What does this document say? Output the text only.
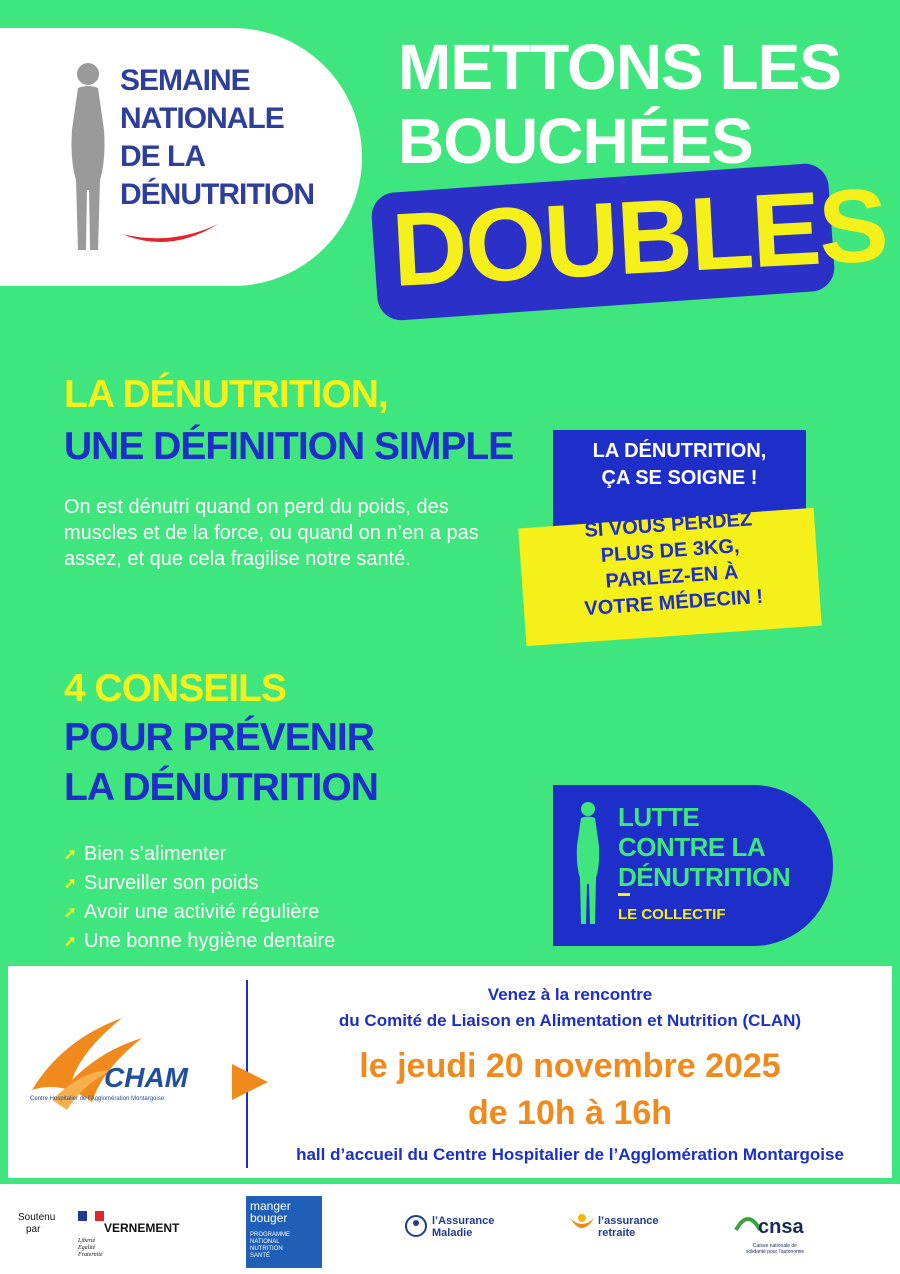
SEMAINE
NATIONALE
DE LA
DÉNUTRITION
METTONS LES
BOUCHÉES
DOUBLES
LA DÉNUTRITION,
UNE DÉFINITION SIMPLE
On est dénutri quand on perd du poids, des muscles et de la force, ou quand on n’en a pas assez, et que cela fragilise notre santé.
LA DÉNUTRITION,
ÇA SE SOIGNE !
SI VOUS PERDEZ
PLUS DE 3KG,
PARLEZ-EN À
VOTRE MÉDECIN !
4 CONSEILS
POUR PRÉVENIR
LA DÉNUTRITION
➚ Bien s’alimenter
➚ Surveiller son poids
➚ Avoir une activité régulière
➚ Une bonne hygiène dentaire
LUTTE
CONTRE LA
DÉNUTRITION
LE COLLECTIF
CHAM
Centre Hospitalier de l’Agglomération Montargoise
Venez à la rencontre
du Comité de Liaison en Alimentation et Nutrition (CLAN)
le jeudi 20 novembre 2025
de 10h à 16h
hall d’accueil du Centre Hospitalier de l’Agglomération Montargoise
Soutenu
par	VERNEMENT
Liberté
Égalité
Fraternité
manger
bouger
PROGRAMME
NATIONAL
NUTRITION
SANTÉ
l’Assurance
Maladie
l’assurance
retraite	cnsa
Caisse nationale de
solidarité pour l’autonomie
